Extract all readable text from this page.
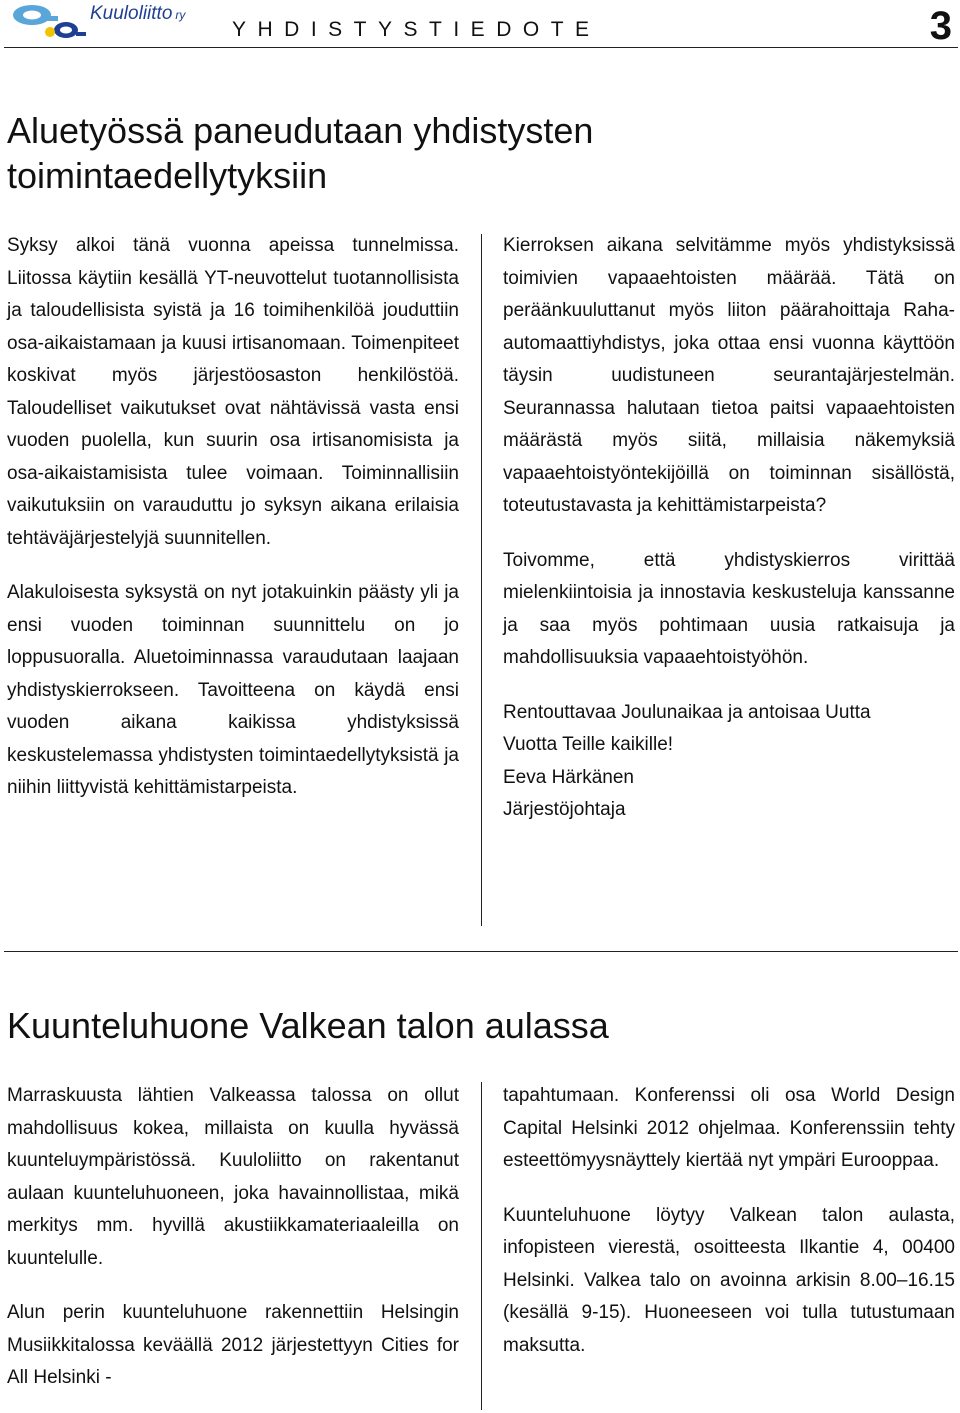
Kuuloliitto ry
YHDISTYSTIEDOTE	3
Aluetyössä paneudutaan yhdistysten
toimintaedellytyksiin

Syksy alkoi tänä vuonna apeissa tunnelmissa. Liitossa käytiin kesällä YT-neuvottelut tuotannollisista ja taloudellisista syistä ja 16 toimihenkilöä jouduttiin osa-aikaistamaan ja kuusi irtisanomaan. Toimenpiteet koskivat myös järjestöosaston henkilöstöä. Taloudelliset vaikutukset ovat nähtävissä vasta ensi vuoden puolella, kun suurin osa irtisanomisista ja osa-aikaistamisista tulee voimaan. Toiminnallisiin vaikutuksiin on varauduttu jo syksyn aikana erilaisia tehtäväjärjestelyjä suunnitellen.

Alakuloisesta syksystä on nyt jotakuinkin päästy yli ja ensi vuoden toiminnan suunnittelu on jo loppusuoralla. Aluetoiminnassa varaudutaan laajaan yhdistyskierrokseen. Tavoitteena on käydä ensi vuoden aikana kaikissa yhdistyksissä keskustelemassa yhdistysten toimintaedellytyksistä ja niihin liittyvistä kehittämistarpeista.

Kierroksen aikana selvitämme myös yhdistyksissä toimivien vapaaehtoisten määrää. Tätä on peräänkuuluttanut myös liiton päärahoittaja Raha-automaattiyhdistys, joka ottaa ensi vuonna käyttöön täysin uudistuneen seurantajärjestelmän. Seurannassa halutaan tietoa paitsi vapaaehtoisten määrästä myös siitä, millaisia näkemyksiä vapaaehtoistyöntekijöillä on toiminnan sisällöstä, toteutustavasta ja kehittämistarpeista?

Toivomme, että yhdistyskierros virittää mielenkiintoisia ja innostavia keskusteluja kanssanne ja saa myös pohtimaan uusia ratkaisuja ja mahdollisuuksia vapaaehtoistyöhön.

Rentouttavaa Joulunaikaa ja antoisaa Uutta
Vuotta Teille kaikille!

Eeva Härkänen

Järjestöjohtaja

Kuunteluhuone Valkean talon aulassa

Marraskuusta lähtien Valkeassa talossa on ollut mahdollisuus kokea, millaista on kuulla hyvässä kuunteluympäristössä. Kuuloliitto on rakentanut aulaan kuunteluhuoneen, joka havainnollistaa, mikä merkitys mm. hyvillä akustiikkamateriaaleilla on kuuntelulle.

Alun perin kuunteluhuone rakennettiin Helsingin Musiikkitalossa keväällä 2012 järjestettyyn Cities for All Helsinki -

tapahtumaan. Konferenssi oli osa World Design Capital Helsinki 2012 ohjelmaa. Konferenssiin tehty esteettömyysnäyttely kiertää nyt ympäri Eurooppaa.

Kuunteluhuone löytyy Valkean talon aulasta, infopisteen vierestä, osoitteesta Ilkantie 4, 00400 Helsinki. Valkea talo on avoinna arkisin 8.00–16.15 (kesällä 9-15). Huoneeseen voi tulla tutustumaan maksutta.
